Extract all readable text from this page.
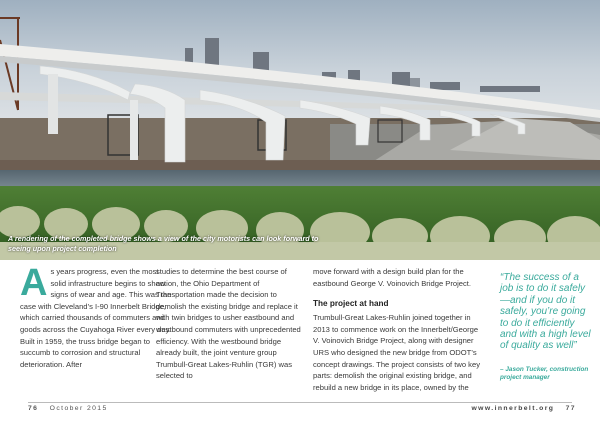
A rendering of the completed bridge shows a view of the city motorists can look forward to seeing upon project completion

A s years progress, even the most solid infrastructure begins to show signs of wear and age. This was the case with Cleveland’s I-90 Innerbelt Bridge, which carried thousands of commuters and goods across the Cuyahoga River every day. Built in 1959, the truss bridge began to succumb to corrosion and structural deterioration. After

studies to determine the best course of action, the Ohio Department of Transportation made the decision to demolish the existing bridge and replace it with twin bridges to usher eastbound and westbound commuters with unprecedented efficiency. With the westbound bridge already built, the joint venture group Trumbull-Great Lakes-Ruhlin (TGR) was selected to

move forward with a design build plan for the eastbound George V. Voinovich Bridge Project.

The project at hand

Trumbull-Great Lakes-Ruhlin joined together in 2013 to commence work on the Innerbelt/George V. Voinovich Bridge Project, along with designer URS who designed the new bridge from ODOT’s concept drawings. The project consists of two key parts: demolish the original existing bridge, and rebuild a new bridge in its place, owned by the

“The success of a job is to do it safely—and if you do it safely, you’re going to do it efficiently and with a high level of quality as well”
– Jason Tucker, construction project manager
76 October 2015	www.innerbelt.org 77
